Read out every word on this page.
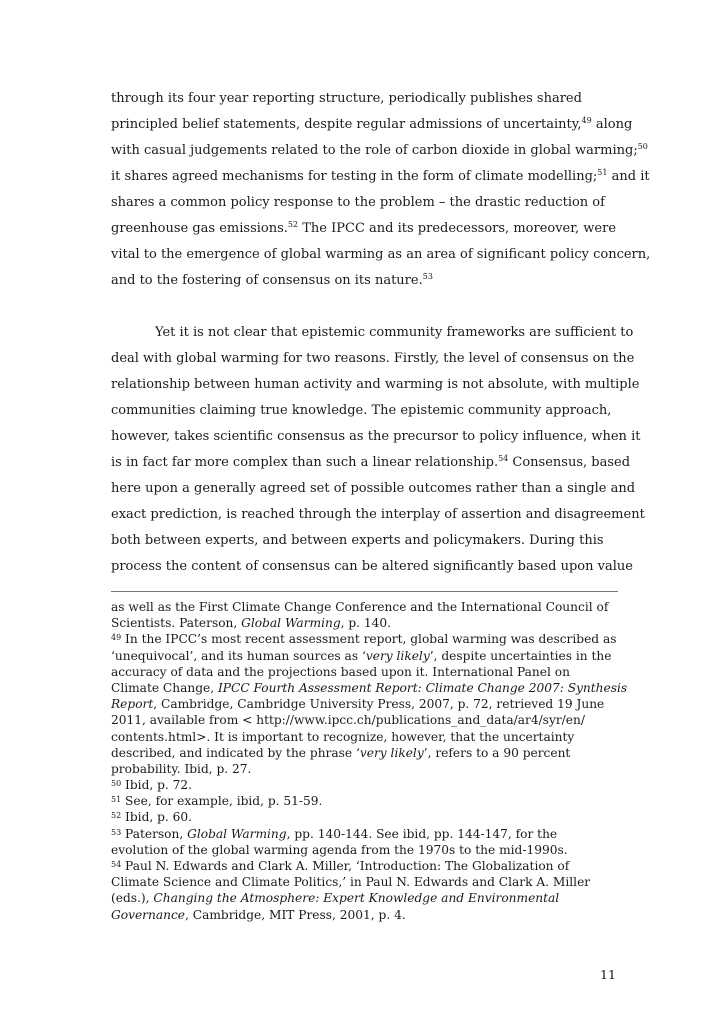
through its four year reporting structure, periodically publishes shared
principled belief statements, despite regular admissions of uncertainty,$^{49}$ along
with casual judgements related to the role of carbon dioxide in global warming;$^{50}$
it shares agreed mechanisms for testing in the form of climate modelling;$^{51}$ and it
shares a common policy response to the problem – the drastic reduction of
greenhouse gas emissions.$^{52}$ The IPCC and its predecessors, moreover, were
vital to the emergence of global warming as an area of significant policy concern,
and to the fostering of consensus on its nature.$^{53}$
Yet it is not clear that epistemic community frameworks are sufficient to
deal with global warming for two reasons. Firstly, the level of consensus on the
relationship between human activity and warming is not absolute, with multiple
communities claiming true knowledge. The epistemic community approach,
however, takes scientific consensus as the precursor to policy influence, when it
is in fact far more complex than such a linear relationship.$^{54}$ Consensus, based
here upon a generally agreed set of possible outcomes rather than a single and
exact prediction, is reached through the interplay of assertion and disagreement
both between experts, and between experts and policymakers. During this
process the content of consensus can be altered significantly based upon value
as well as the First Climate Change Conference and the International Council of
Scientists. Paterson, Global Warming, p. 140.
$^{49}$ In the IPCC’s most recent assessment report, global warming was described as
‘unequivocal’, and its human sources as ‘very likely’, despite uncertainties in the
accuracy of data and the projections based upon it. International Panel on
Climate Change, IPCC Fourth Assessment Report: Climate Change 2007: Synthesis
Report, Cambridge, Cambridge University Press, 2007, p. 72, retrieved 19 June
2011, available from < http://www.ipcc.ch/publications_and_data/ar4/syr/en/
contents.html>. It is important to recognize, however, that the uncertainty
described, and indicated by the phrase ‘very likely’, refers to a 90 percent
probability. Ibid, p. 27.
$^{50}$ Ibid, p. 72.
$^{51}$ See, for example, ibid, p. 51-59.
$^{52}$ Ibid, p. 60.
$^{53}$ Paterson, Global Warming, pp. 140-144. See ibid, pp. 144-147, for the
evolution of the global warming agenda from the 1970s to the mid-1990s.
$^{54}$ Paul N. Edwards and Clark A. Miller, ‘Introduction: The Globalization of
Climate Science and Climate Politics,’ in Paul N. Edwards and Clark A. Miller
(eds.), Changing the Atmosphere: Expert Knowledge and Environmental
Governance, Cambridge, MIT Press, 2001, p. 4.
11
